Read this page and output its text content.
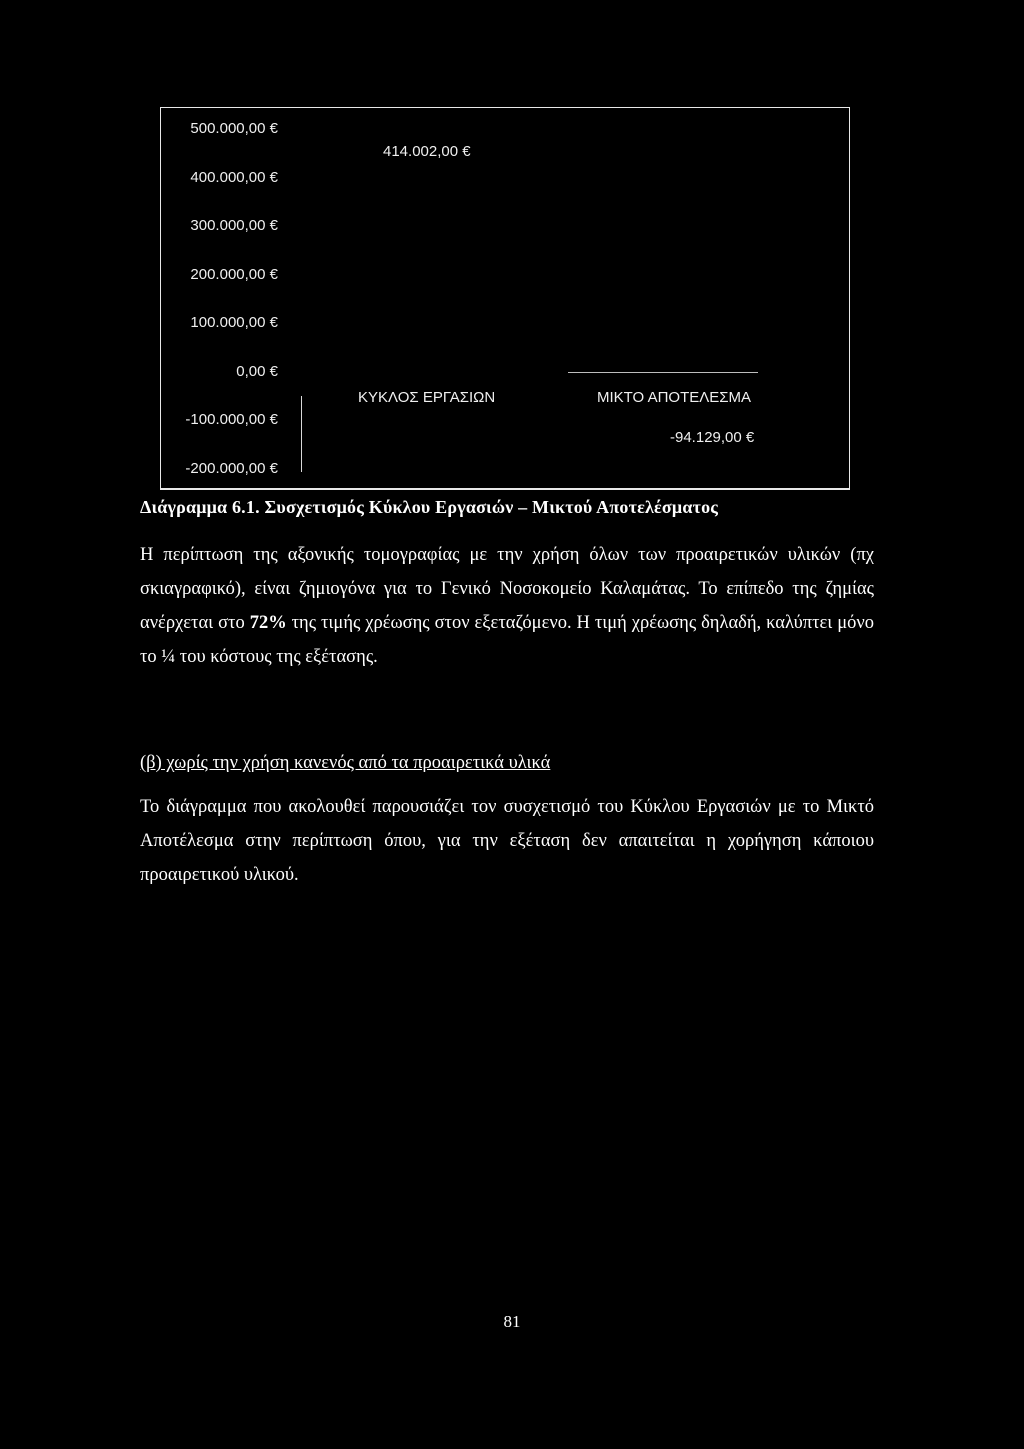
500.000,00 €
400.000,00 €
300.000,00 €
200.000,00 €
100.000,00 €
0,00 €
-100.000,00 €
-200.000,00 €
414.002,00 €
ΚΥΚΛΟΣ ΕΡΓΑΣΙΩΝ	ΜΙΚΤΟ ΑΠΟΤΕΛΕΣΜΑ
-94.129,00 €
Διάγραμμα 6.1. Συσχετισμός Κύκλου Εργασιών – Μικτού Αποτελέσματος
Η περίπτωση της αξονικής τομογραφίας με την χρήση όλων των προαιρετικών υλικών (πχ σκιαγραφικό), είναι ζημιογόνα για το Γενικό Νοσοκομείο Καλαμάτας. Το επίπεδο της ζημίας ανέρχεται στο 72% της τιμής χρέωσης στον εξεταζόμενο. Η τιμή χρέωσης δηλαδή, καλύπτει μόνο το ¼ του κόστους της εξέτασης.
(β) χωρίς την χρήση κανενός από τα προαιρετικά υλικά
Το διάγραμμα που ακολουθεί παρουσιάζει τον συσχετισμό του Κύκλου Εργασιών με το Μικτό Αποτέλεσμα στην περίπτωση όπου, για την εξέταση δεν απαιτείται η χορήγηση κάποιου προαιρετικού υλικού.
81
